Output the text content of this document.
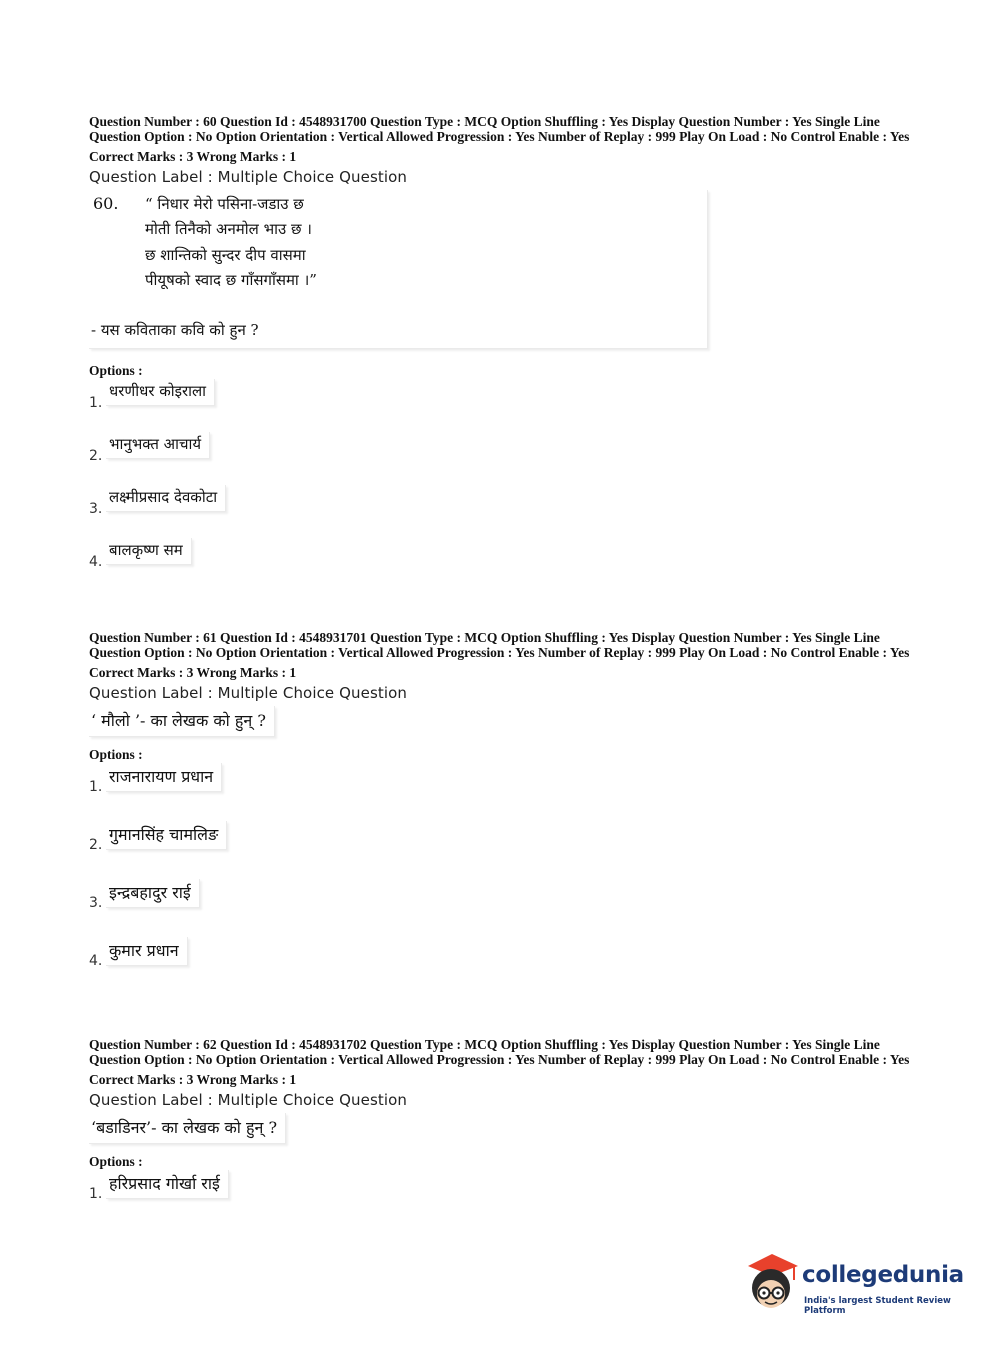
Question Number : 60 Question Id : 4548931700 Question Type : MCQ Option Shuffling : Yes Display Question Number : Yes Single Line Question Option : No Option Orientation : Vertical Allowed Progression : Yes Number of Replay : 999 Play On Load : No Control Enable : Yes

Correct Marks : 3 Wrong Marks : 1
Question Label : Multiple Choice Question
60. “ निधार मेरो पसिना-जडाउ छ
मोती तिनैको अनमोल भाउ छ ।
छ शान्तिको सुन्दर दीप वासमा
पीयूषको स्वाद छ गाँसगाँसमा ।”
- यस कविताका कवि को हुन ?
Options :
1.
धरणीधर कोइराला
2.
भानुभक्त आचार्य
3.
लक्ष्मीप्रसाद देवकोटा
4.
बालकृष्ण सम

Question Number : 61 Question Id : 4548931701 Question Type : MCQ Option Shuffling : Yes Display Question Number : Yes Single Line Question Option : No Option Orientation : Vertical Allowed Progression : Yes Number of Replay : 999 Play On Load : No Control Enable : Yes

Correct Marks : 3 Wrong Marks : 1
Question Label : Multiple Choice Question
‘ मौलो ’- का लेखक को हुन् ?
Options :
1.
राजनारायण प्रधान
2.
गुमानसिंह चामलिङ
3.
इन्द्रबहादुर राई
4.
कुमार प्रधान

Question Number : 62 Question Id : 4548931702 Question Type : MCQ Option Shuffling : Yes Display Question Number : Yes Single Line Question Option : No Option Orientation : Vertical Allowed Progression : Yes Number of Replay : 999 Play On Load : No Control Enable : Yes

Correct Marks : 3 Wrong Marks : 1
Question Label : Multiple Choice Question
‘बडाडिनर’- का लेखक को हुन् ?
Options :
1.
हरिप्रसाद गोर्खा राई
collegedunia
India's largest Student Review Platform
